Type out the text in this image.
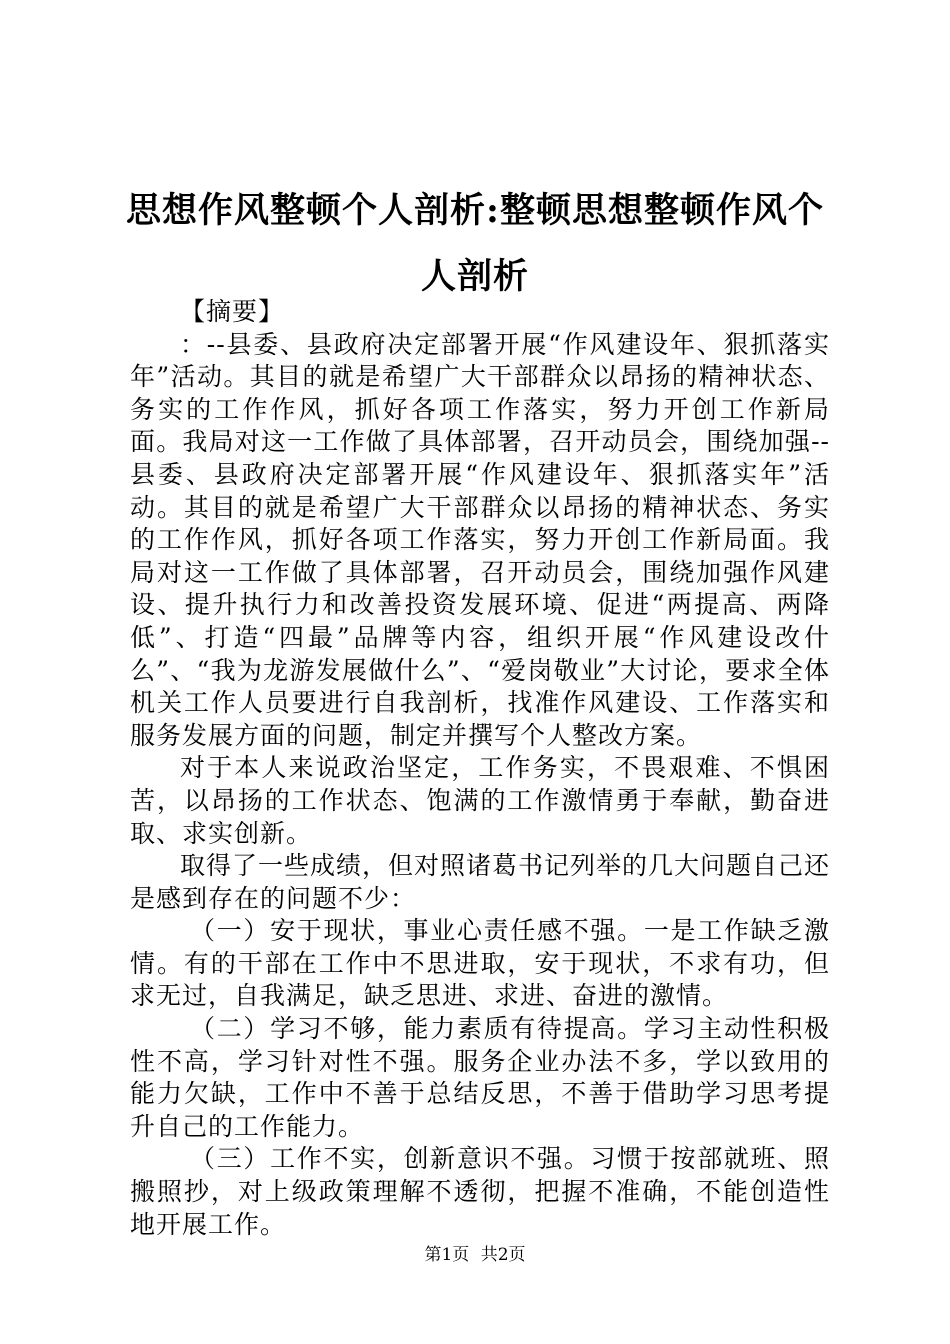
思想作风整顿个人剖析:整顿思想整顿作风个人剖析

【摘要】

：--县委、县政府决定部署开展“作风建设年、狠抓落实年”活动。其目的就是希望广大干部群众以昂扬的精神状态、务实的工作作风，抓好各项工作落实，努力开创工作新局面。我局对这一工作做了具体部署，召开动员会，围绕加强--县委、县政府决定部署开展“作风建设年、狠抓落实年”活动。其目的就是希望广大干部群众以昂扬的精神状态、务实的工作作风，抓好各项工作落实，努力开创工作新局面。我局对这一工作做了具体部署，召开动员会，围绕加强作风建设、提升执行力和改善投资发展环境、促进“两提高、两降低”、打造“四最”品牌等内容，组织开展“作风建设改什么”、“我为龙游发展做什么”、“爱岗敬业”大讨论，要求全体机关工作人员要进行自我剖析，找准作风建设、工作落实和服务发展方面的问题，制定并撰写个人整改方案。

对于本人来说政治坚定，工作务实，不畏艰难、不惧困苦，以昂扬的工作状态、饱满的工作激情勇于奉献，勤奋进取、求实创新。

取得了一些成绩，但对照诸葛书记列举的几大问题自己还是感到存在的问题不少：

（一）安于现状，事业心责任感不强。一是工作缺乏激情。有的干部在工作中不思进取，安于现状，不求有功，但求无过，自我满足，缺乏思进、求进、奋进的激情。

（二）学习不够，能力素质有待提高。学习主动性积极性不高，学习针对性不强。服务企业办法不多，学以致用的能力欠缺，工作中不善于总结反思，不善于借助学习思考提升自己的工作能力。

（三）工作不实，创新意识不强。习惯于按部就班、照搬照抄，对上级政策理解不透彻，把握不准确，不能创造性地开展工作。

第1页 共2页
